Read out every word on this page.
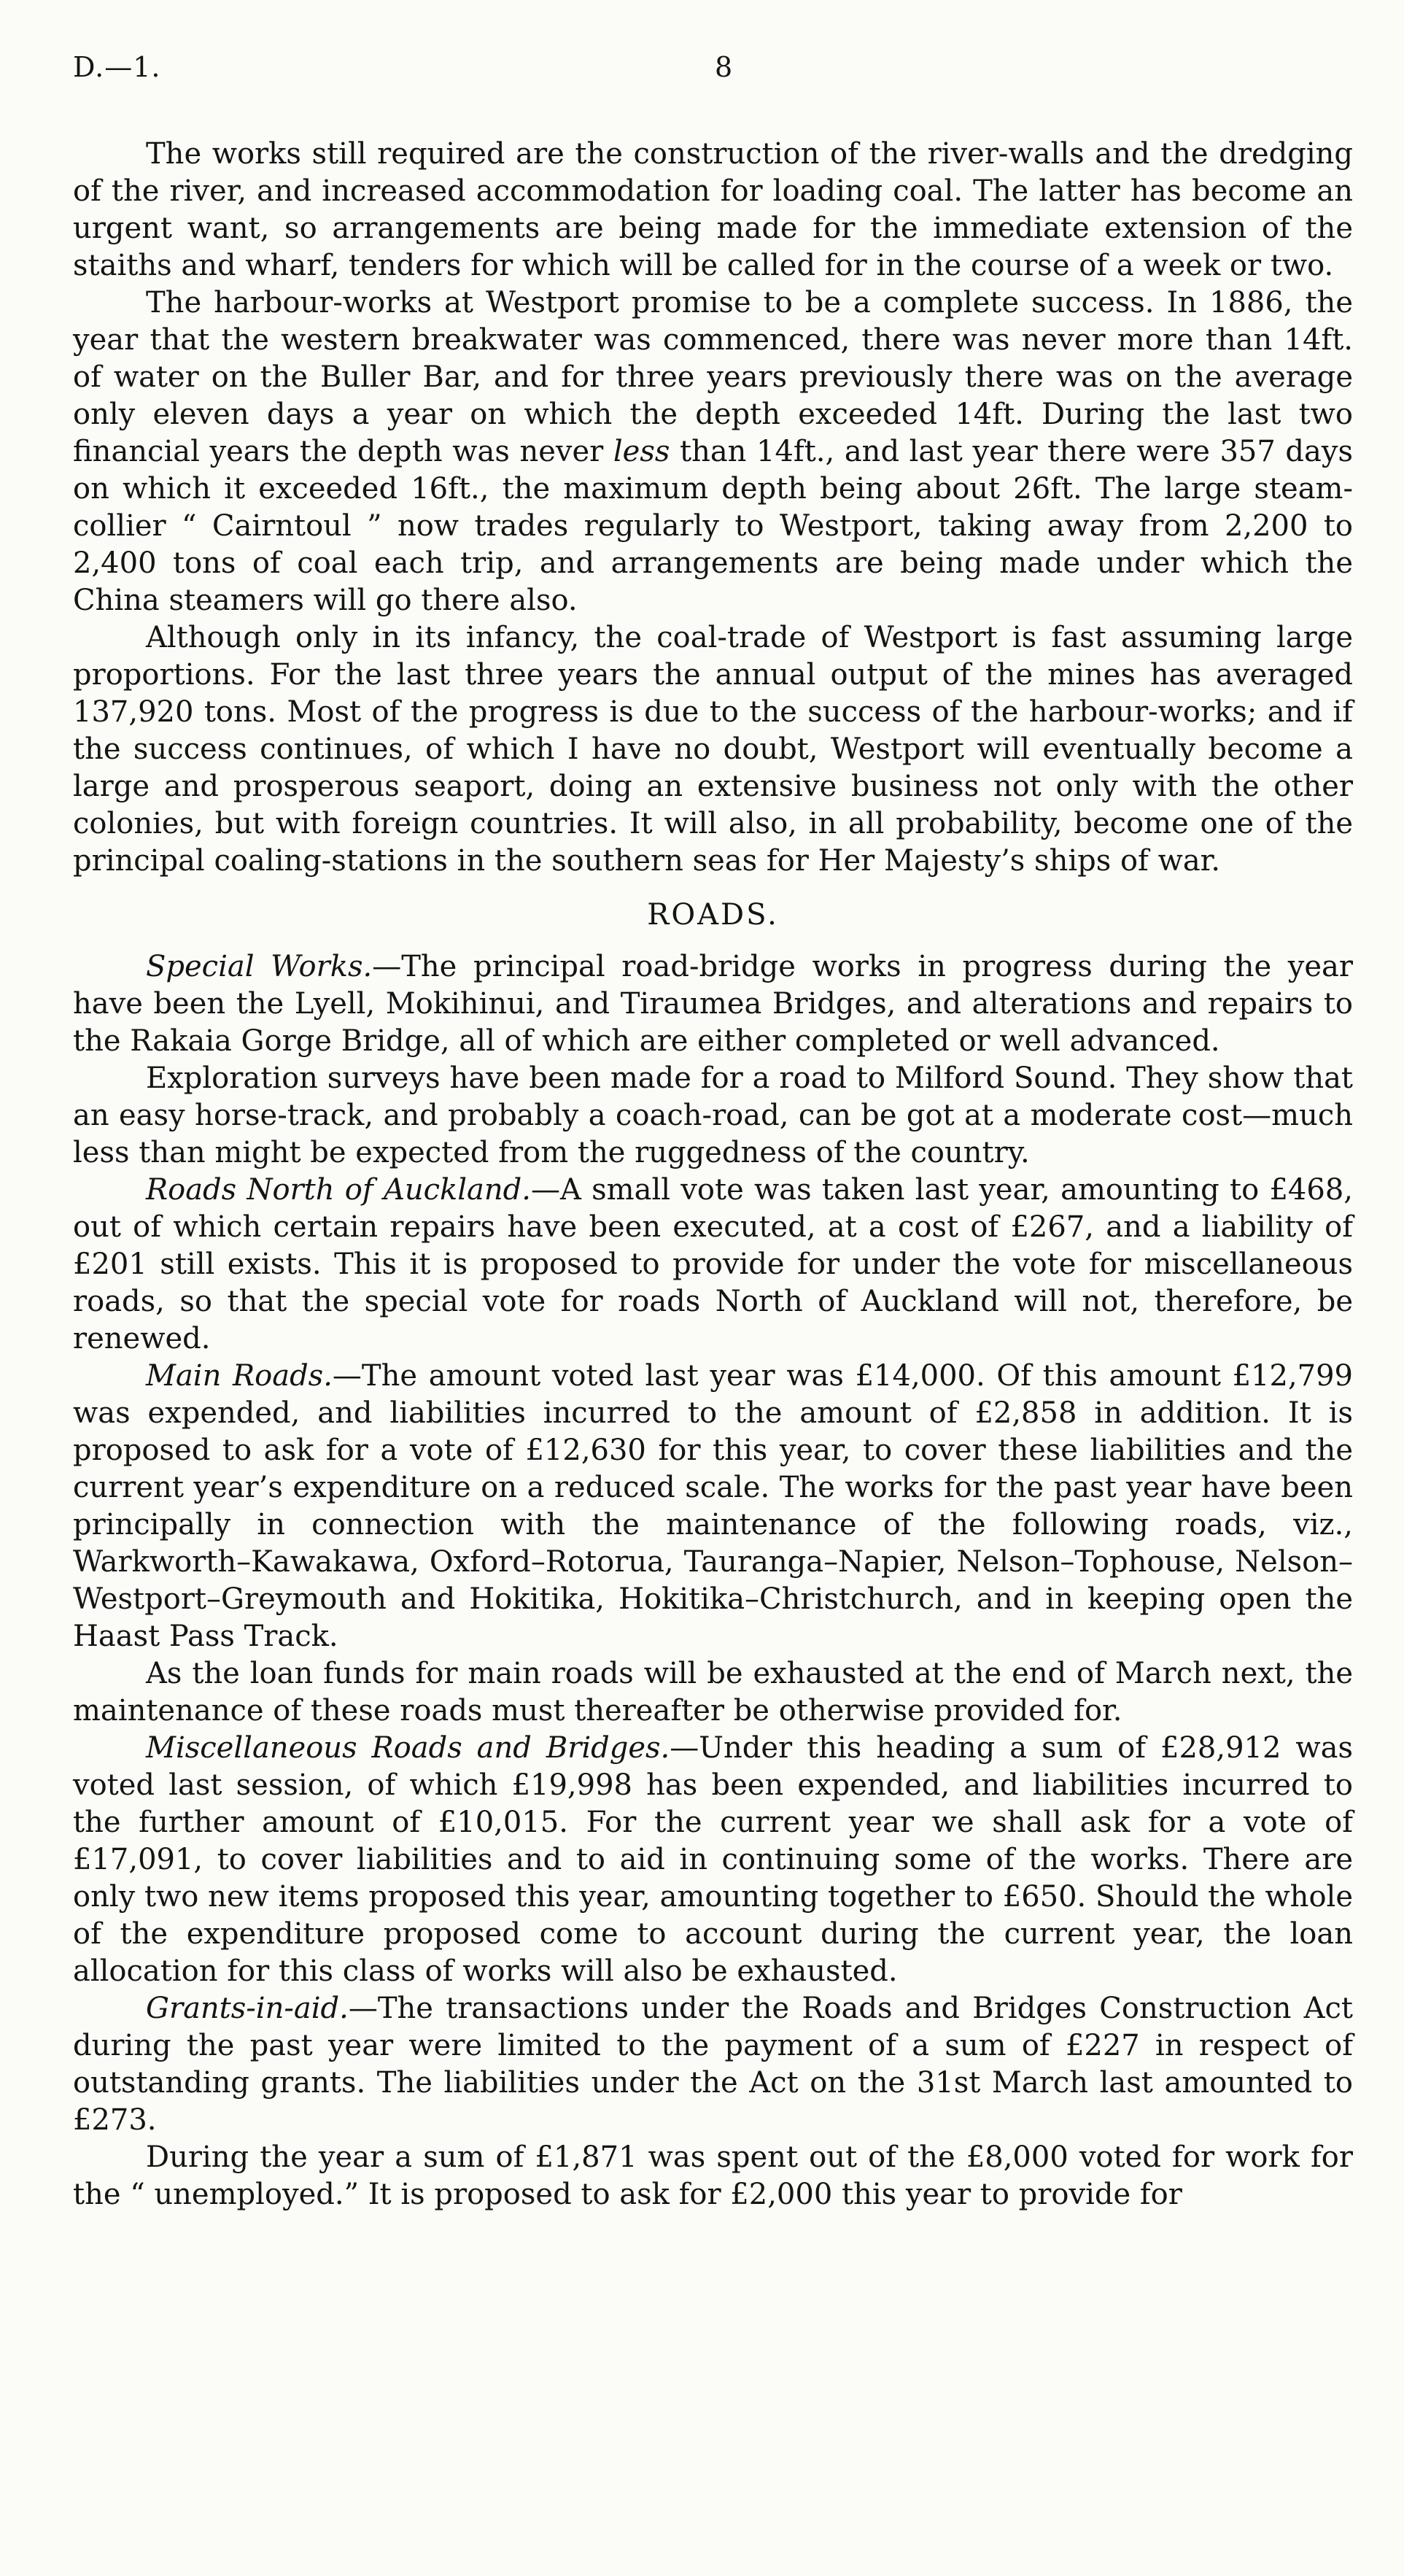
D.—1.	8

The works still required are the construction of the river-walls and the dredging of the river, and increased accommodation for loading coal. The latter has become an urgent want, so arrangements are being made for the immediate extension of the staiths and wharf, tenders for which will be called for in the course of a week or two.

The harbour-works at Westport promise to be a complete success. In 1886, the year that the western breakwater was commenced, there was never more than 14ft. of water on the Buller Bar, and for three years previously there was on the average only eleven days a year on which the depth exceeded 14ft. During the last two financial years the depth was never less than 14ft., and last year there were 357 days on which it exceeded 16ft., the maximum depth being about 26ft. The large steam-collier “ Cairntoul ” now trades regularly to Westport, taking away from 2,200 to 2,400 tons of coal each trip, and arrangements are being made under which the China steamers will go there also.

Although only in its infancy, the coal-trade of Westport is fast assuming large proportions. For the last three years the annual output of the mines has averaged 137,920 tons. Most of the progress is due to the success of the harbour-works; and if the success continues, of which I have no doubt, Westport will eventually become a large and prosperous seaport, doing an extensive business not only with the other colonies, but with foreign countries. It will also, in all probability, become one of the principal coaling-stations in the southern seas for Her Majesty’s ships of war.

ROADS.

Special Works.—The principal road-bridge works in progress during the year have been the Lyell, Mokihinui, and Tiraumea Bridges, and alterations and repairs to the Rakaia Gorge Bridge, all of which are either completed or well advanced.

Exploration surveys have been made for a road to Milford Sound. They show that an easy horse-track, and probably a coach-road, can be got at a moderate cost—much less than might be expected from the ruggedness of the country.

Roads North of Auckland.—A small vote was taken last year, amounting to £468, out of which certain repairs have been executed, at a cost of £267, and a liability of £201 still exists. This it is proposed to provide for under the vote for miscellaneous roads, so that the special vote for roads North of Auckland will not, therefore, be renewed.

Main Roads.—The amount voted last year was £14,000. Of this amount £12,799 was expended, and liabilities incurred to the amount of £2,858 in addition. It is proposed to ask for a vote of £12,630 for this year, to cover these liabilities and the current year’s expenditure on a reduced scale. The works for the past year have been principally in connection with the maintenance of the following roads, viz., Warkworth–Kawakawa, Oxford–Rotorua, Tauranga–Napier, Nelson–Tophouse, Nelson–Westport–Greymouth and Hokitika, Hokitika–Christchurch, and in keeping open the Haast Pass Track.

As the loan funds for main roads will be exhausted at the end of March next, the maintenance of these roads must thereafter be otherwise provided for.

Miscellaneous Roads and Bridges.—Under this heading a sum of £28,912 was voted last session, of which £19,998 has been expended, and liabilities incurred to the further amount of £10,015. For the current year we shall ask for a vote of £17,091, to cover liabilities and to aid in continuing some of the works. There are only two new items proposed this year, amounting together to £650. Should the whole of the expenditure proposed come to account during the current year, the loan allocation for this class of works will also be exhausted.

Grants-in-aid.—The transactions under the Roads and Bridges Construction Act during the past year were limited to the payment of a sum of £227 in respect of outstanding grants. The liabilities under the Act on the 31st March last amounted to £273.

During the year a sum of £1,871 was spent out of the £8,000 voted for work for the “ unemployed.” It is proposed to ask for £2,000 this year to provide for
